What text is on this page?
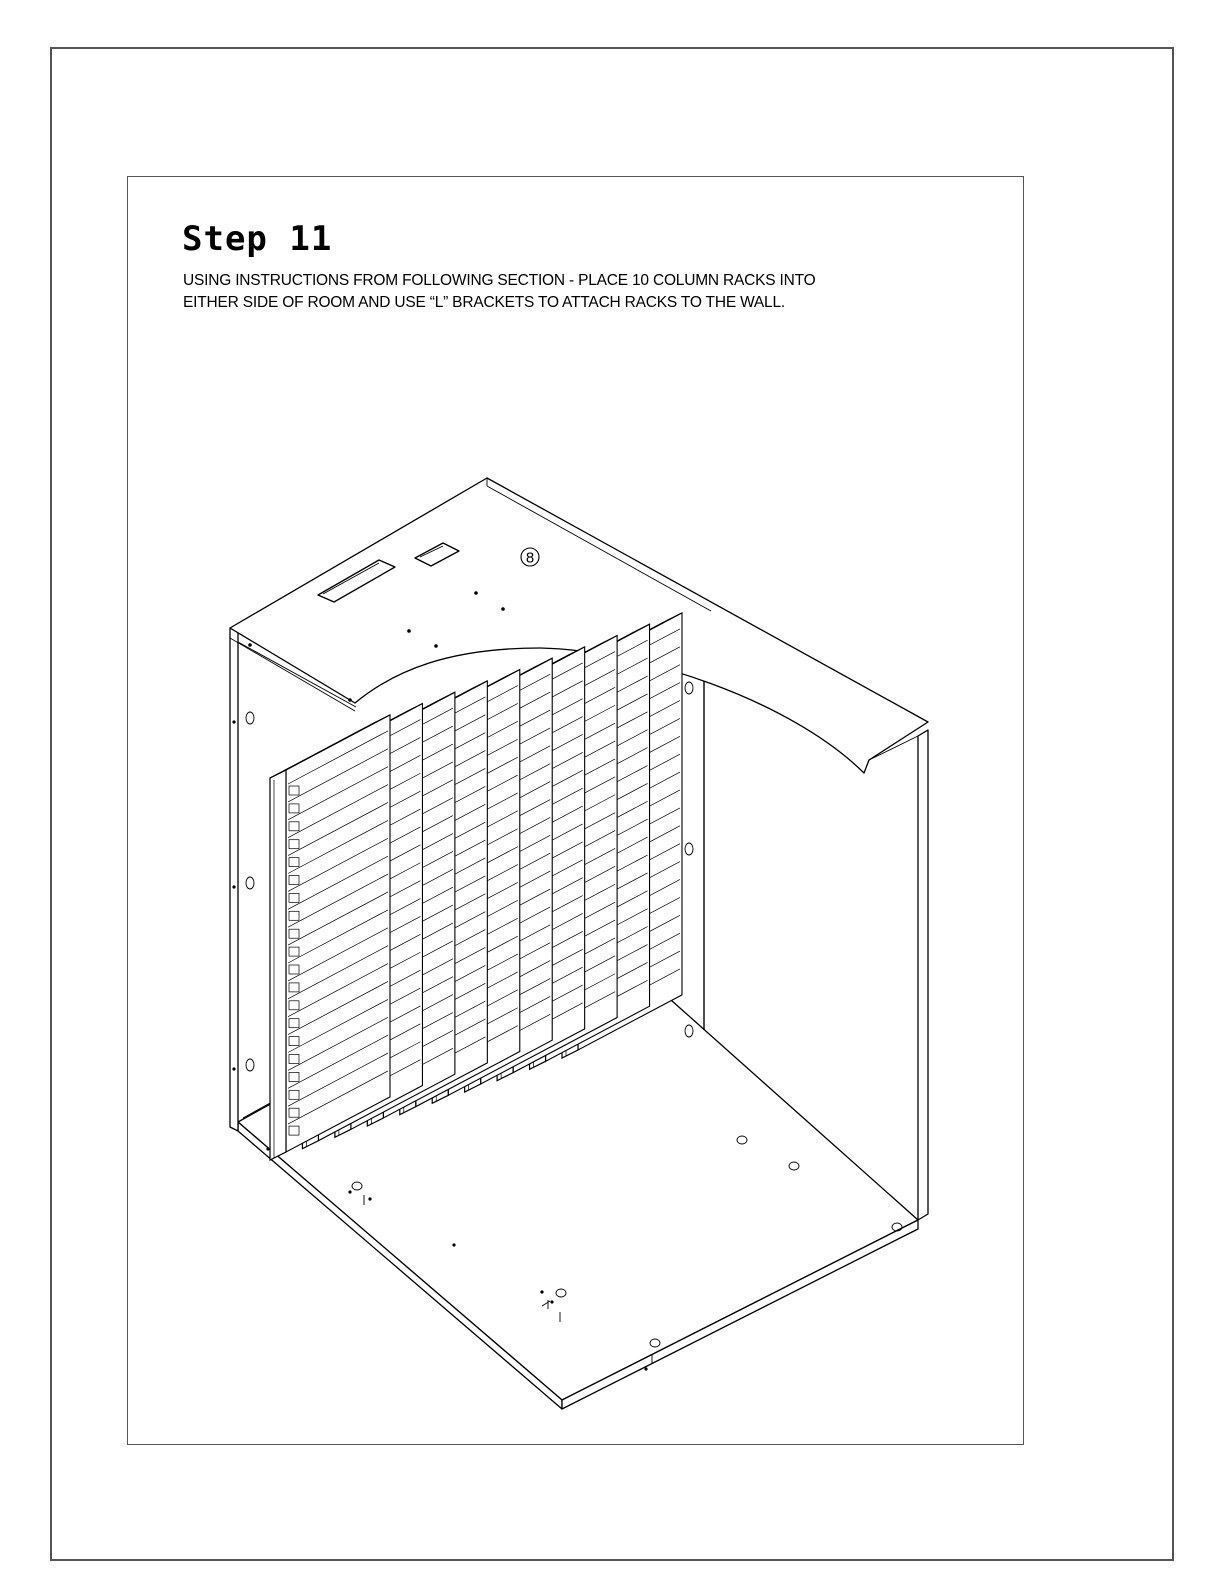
Step 11

USING INSTRUCTIONS FROM FOLLOWING SECTION - PLACE 10 COLUMN RACKS INTO
EITHER SIDE OF ROOM AND USE “L” BRACKETS TO ATTACH RACKS TO THE WALL.

8
